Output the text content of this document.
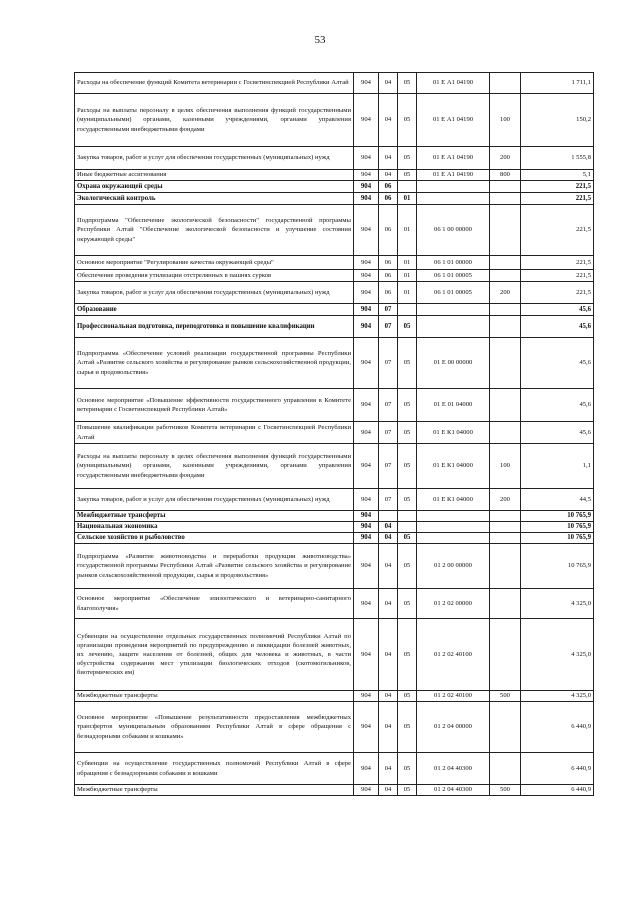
53
Расходы на обеспечение функций Комитета ветеринарии с Госветинспекцией Республики Алтай	904	04	05	01 Е А1 04190		1 711,1
Расходы на выплаты персоналу в целях обеспечения выполнения функций государственными (муниципальными) органами, казенными учреждениями, органами управления государственными внебюджетными фондами	904	04	05	01 Е А1 04190	100	150,2
Закупка товаров, работ и услуг для обеспечения государственных (муниципальных) нужд	904	04	05	01 Е А1 04190	200	1 555,8
Иные бюджетные ассигнования	904	04	05	01 Е А1 04190	800	5,1
Охрана окружающей среды	904	06				221,5
Экологический контроль	904	06	01			221,5
Подпрограмма "Обеспечение экологической безопасности" государственной программы Республики Алтай "Обеспечение экологической безопасности и улучшение состояния окружающей среды"	904	06	01	06 1 00 00000		221,5
Основное мероприятие "Регулирование качества окружающей среды"	904	06	01	06 1 01 00000		221,5
Обеспечение проведения утилизации отстрелянных в пашнях сурков	904	06	01	06 1 01 00005		221,5
Закупка товаров, работ и услуг для обеспечения государственных (муниципальных) нужд	904	06	01	06 1 01 00005	200	221,5
Образование	904	07				45,6
Профессиональная подготовка, переподготовка и повышение квалификации	904	07	05			45,6
Подпрограмма «Обеспечение условий реализации государственной программы Республики Алтай «Развитие сельского хозяйства и регулирование рынков сельскохозяйственной продукции, сырья и продовольствия»	904	07	05	01 Е 00 00000		45,6
Основное мероприятие «Повышение эффективности государственного управления в Комитете ветеринарии с Госветинспекцией Республики Алтай»	904	07	05	01 Е 01 04000		45,6
Повышение квалификации работников Комитета ветеринарии с Госветинспекцией Республики Алтай	904	07	05	01 Е К1 04000		45,6
Расходы на выплаты персоналу в целях обеспечения выполнения функций государственными (муниципальными) органами, казенными учреждениями, органами управления государственными внебюджетными фондами	904	07	05	01 Е К1 04000	100	1,1
Закупка товаров, работ и услуг для обеспечения государственных (муниципальных) нужд	904	07	05	01 Е К1 04000	200	44,5
Межбюджетные трансферты	904					10 765,9
Национальная экономика	904	04				10 765,9
Сельское хозяйство и рыболовство	904	04	05			10 765,9
Подпрограмма «Развитие животноводства и переработки продукции животноводства» государственной программы Республики Алтай «Развитие сельского хозяйства и регулирование рынков сельскохозяйственной продукции, сырья и продовольствия»	904	04	05	01 2 00 00000		10 765,9
Основное мероприятие «Обеспечение эпизоотического и ветеринарно-санитарного благополучия»	904	04	05	01 2 02 00000		4 325,0
Субвенции на осуществление отдельных государственных полномочий Республики Алтай по организации проведения мероприятий по предупреждению и ликвидации болезней животных, их лечению, защите населения от болезней, общих для человека и животных, в части обустройства содержания мест утилизации биологических отходов (скотомогильников, биотермических ям)	904	04	05	01 2 02 40100		4 325,0
Межбюджетные трансферты	904	04	05	01 2 02 40100	500	4 325,0
Основное мероприятие «Повышение результативности предоставления межбюджетных трансфертов муниципальным образованиям Республики Алтай в сфере обращения с безнадзорными собаками и кошками»	904	04	05	01 2 04 00000		6 440,9
Субвенции на осуществление государственных полномочий Республики Алтай в сфере обращения с безнадзорными собаками и кошками	904	04	05	01 2 04 40300		6 440,9
Межбюджетные трансферты	904	04	05	01 2 04 40300	500	6 440,9
